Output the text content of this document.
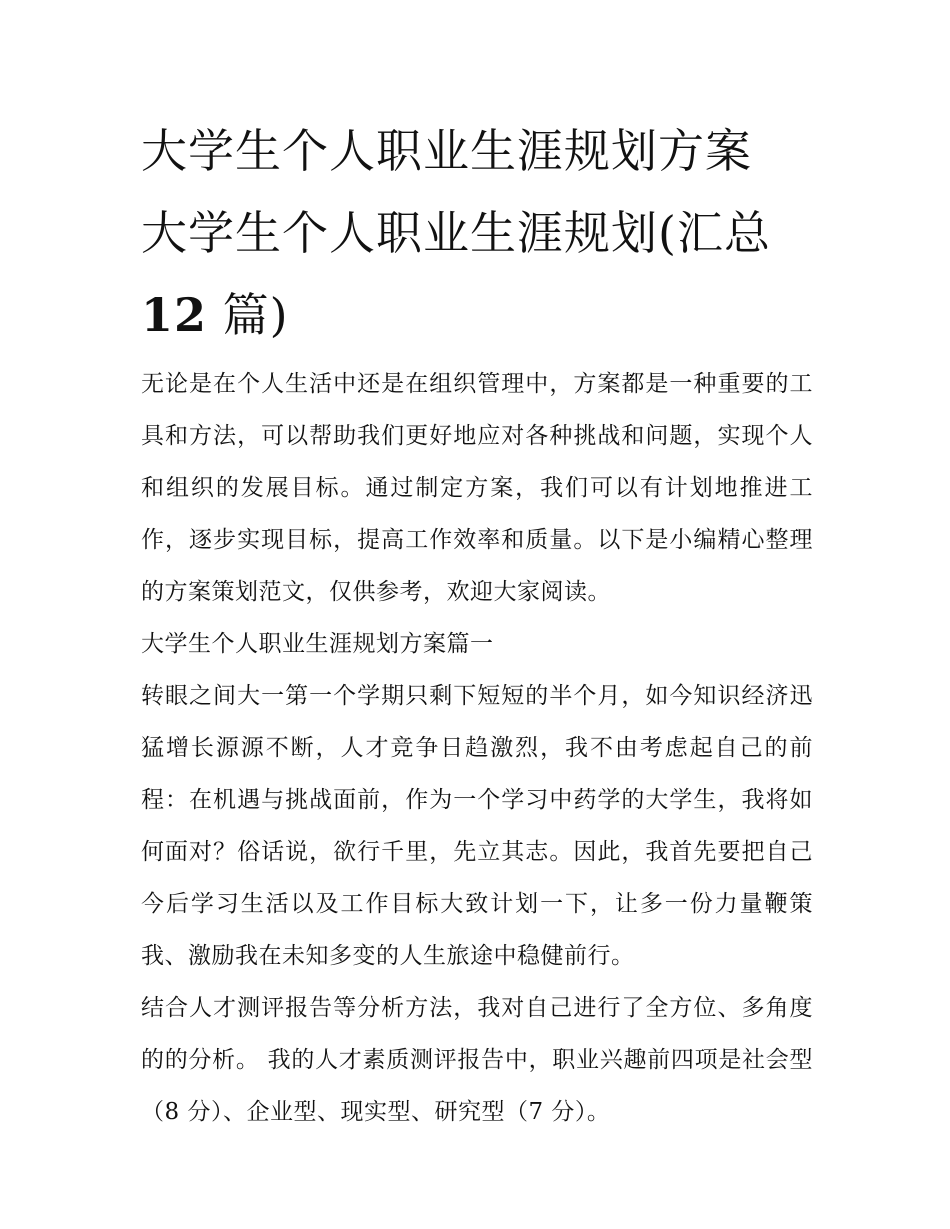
大学生个人职业生涯规划方案
大学生个人职业生涯规划(汇总
12 篇)

无论是在个人生活中还是在组织管理中，方案都是一种重要的工具和方法，可以帮助我们更好地应对各种挑战和问题，实现个人和组织的发展目标。通过制定方案，我们可以有计划地推进工作，逐步实现目标，提高工作效率和质量。以下是小编精心整理的方案策划范文，仅供参考，欢迎大家阅读。

大学生个人职业生涯规划方案篇一

转眼之间大一第一个学期只剩下短短的半个月，如今知识经济迅猛增长源源不断，人才竞争日趋激烈，我不由考虑起自己的前程：在机遇与挑战面前，作为一个学习中药学的大学生，我将如何面对？俗话说，欲行千里，先立其志。因此，我首先要把自己今后学习生活以及工作目标大致计划一下，让多一份力量鞭策我、激励我在未知多变的人生旅途中稳健前行。

结合人才测评报告等分析方法，我对自己进行了全方位、多角度的的分析。 我的人才素质测评报告中，职业兴趣前四项是社会型（8 分）、企业型、现实型、研究型（7 分）。
